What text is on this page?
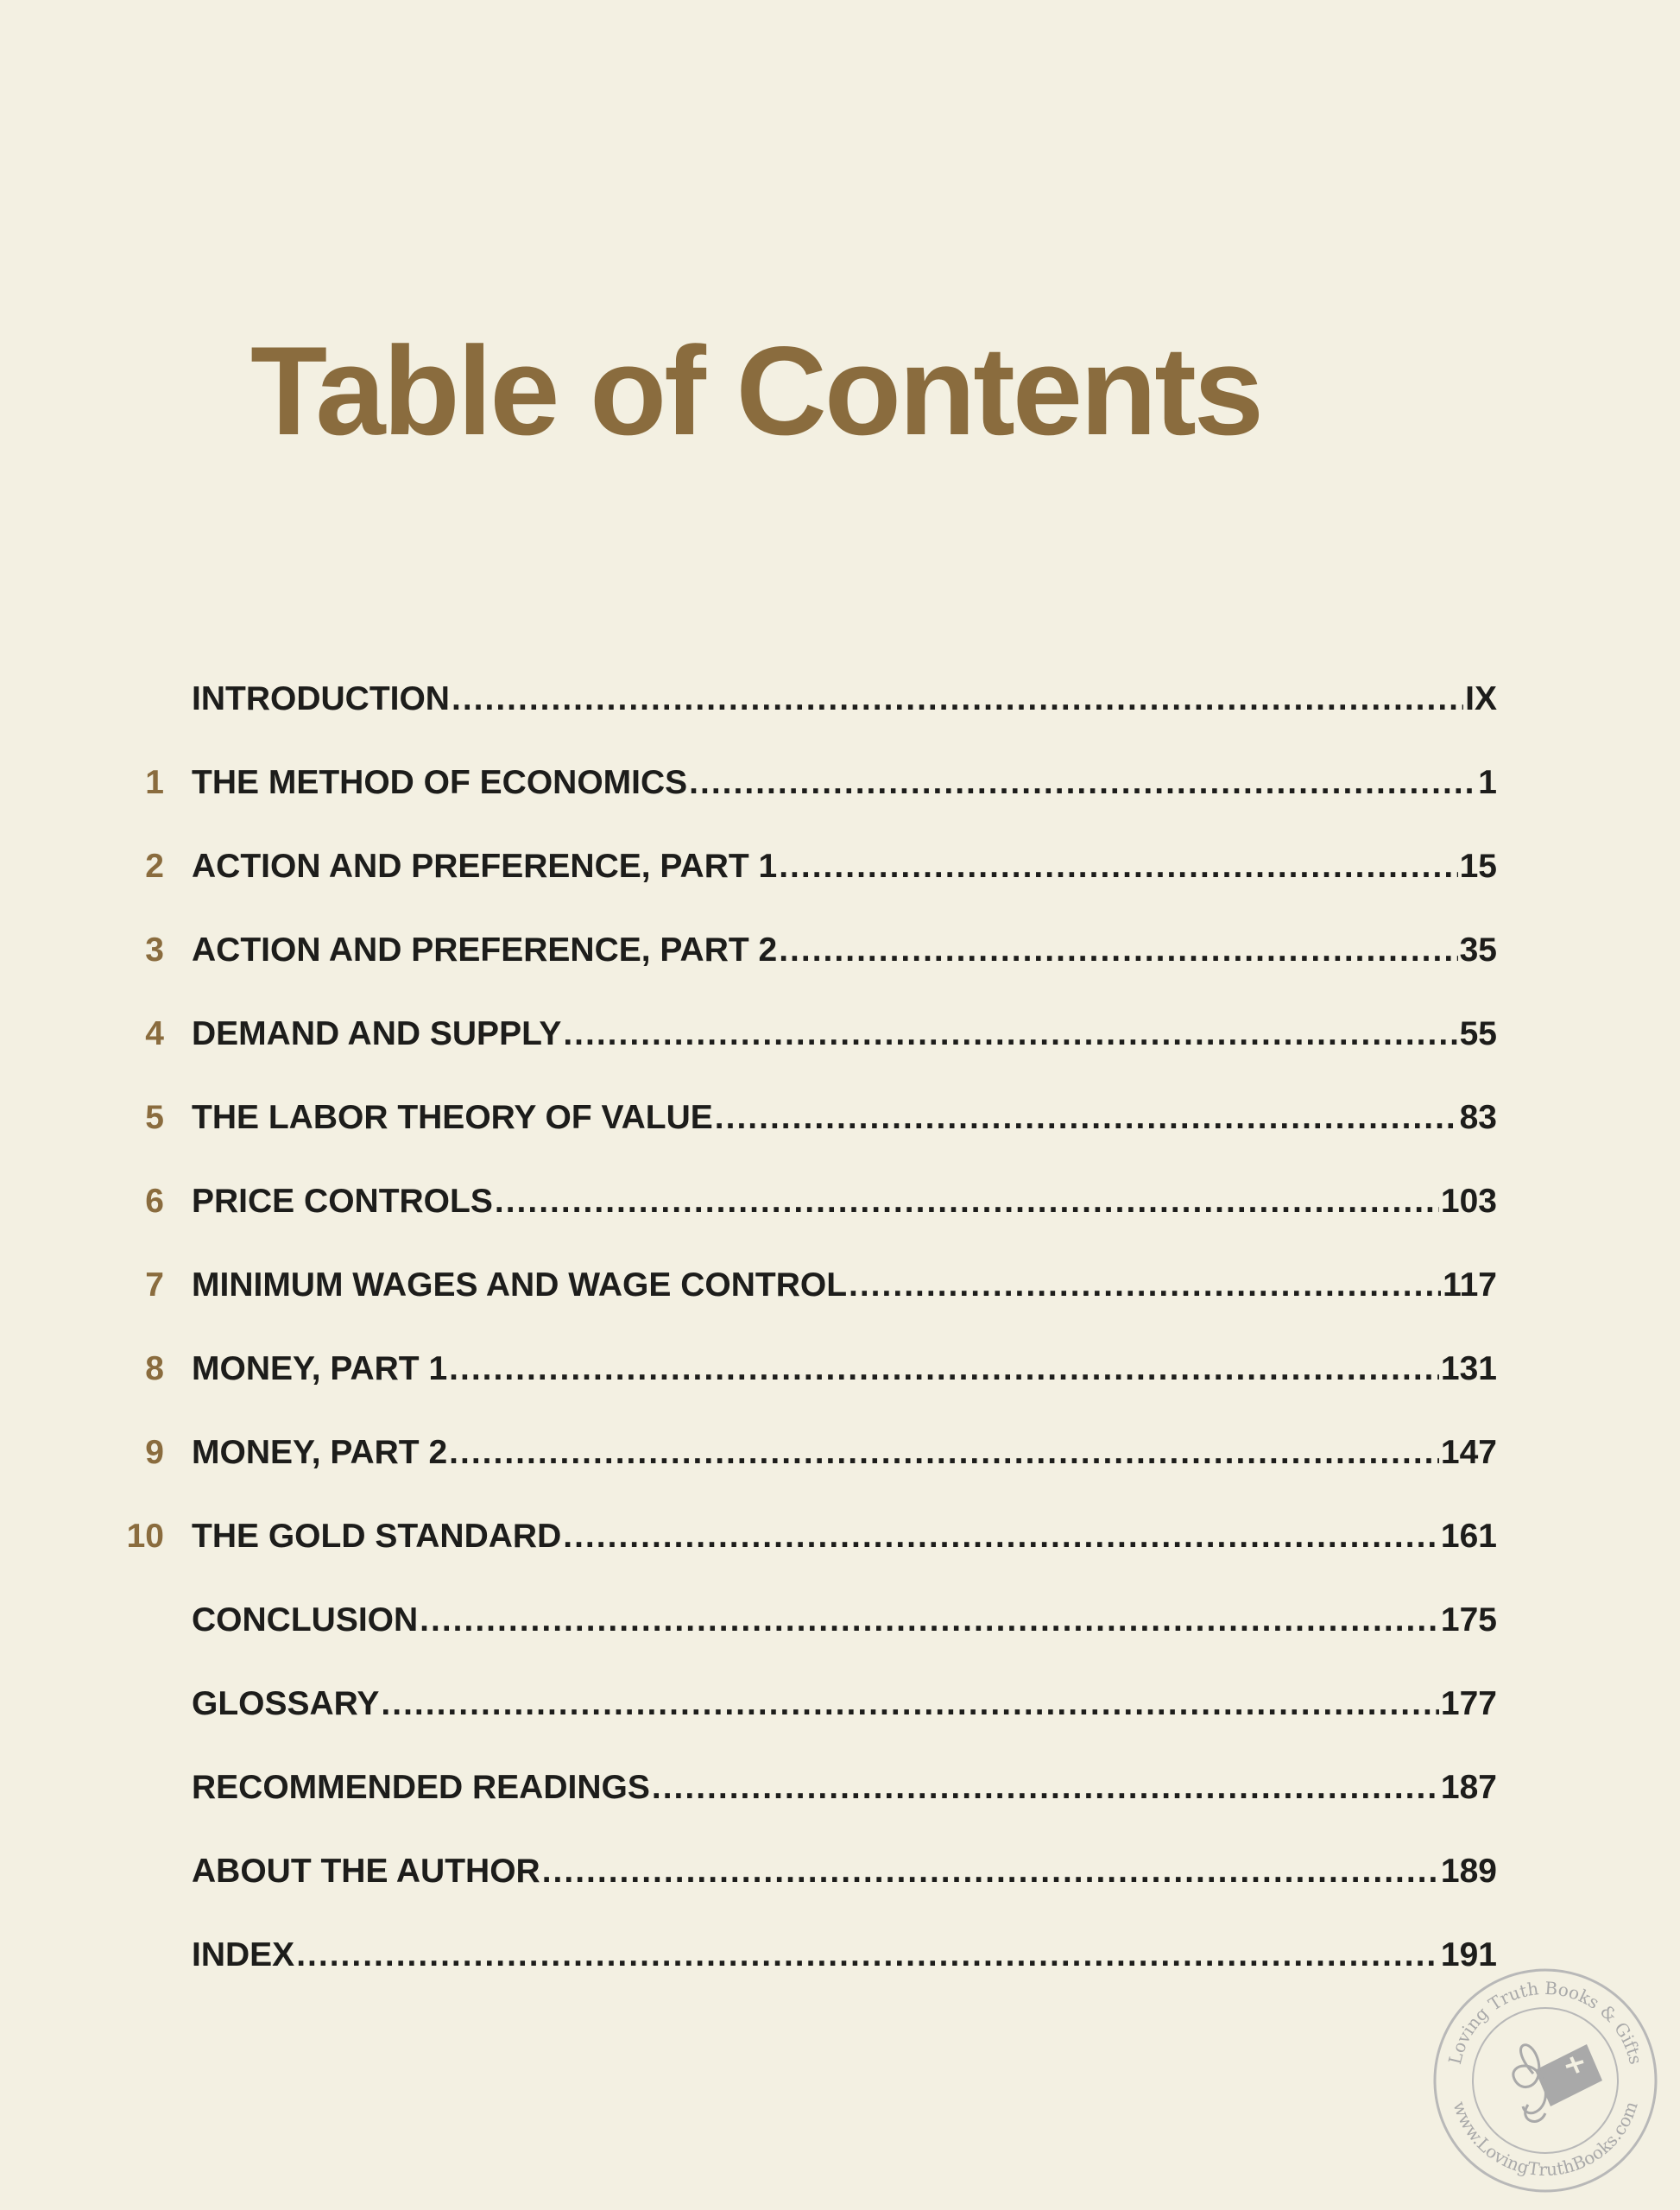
Table of Contents
INTRODUCTION .....	IX
1 THE METHOD OF ECONOMICS .....	1
2 ACTION AND PREFERENCE, PART 1 .....	15
3 ACTION AND PREFERENCE, PART 2 .....	35
4 DEMAND AND SUPPLY .....	55
5 THE LABOR THEORY OF VALUE .....	83
6 PRICE CONTROLS .....	103
7 MINIMUM WAGES AND WAGE CONTROL .....	117
8 MONEY, PART 1 .....	131
9 MONEY, PART 2 .....	147
10 THE GOLD STANDARD .....	161
CONCLUSION .....	175
GLOSSARY .....	177
RECOMMENDED READINGS .....	187
ABOUT THE AUTHOR .....	189
INDEX .....	191
Loving Truth Books & Gifts
www.LovingTruthBooks.com
